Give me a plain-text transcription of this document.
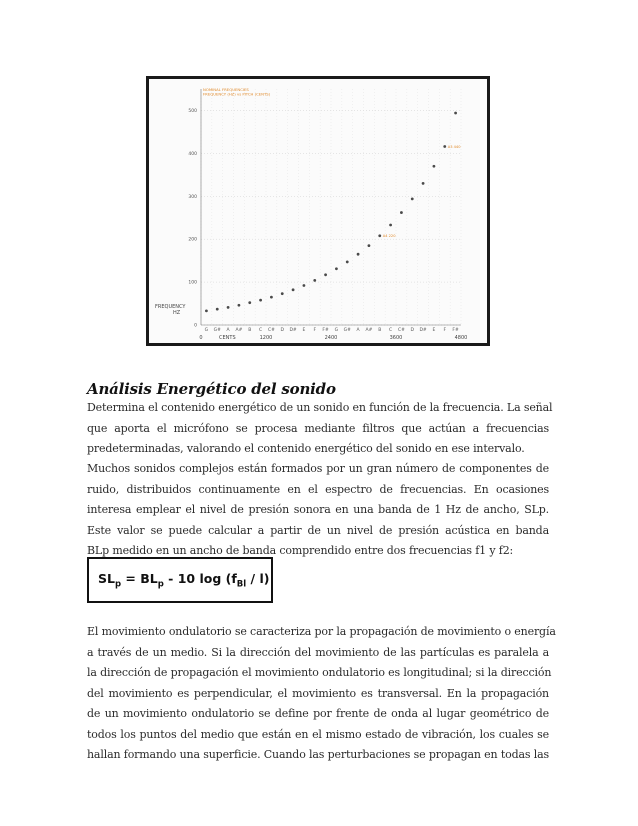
0
100
200
300
400
500
G G# A A# B C C# D D# E F F# G G# A A# B C C# D D# E F F#
0	1200	2400	3600	4800
CENTS
FREQUENCY
HZ
NOMINAL FREQUENCIES
FREQUENCY (HZ) vs PITCH (CENTS)
A4 220
A3 440
Análisis Energético del sonido
Determina el contenido energético de un sonido en función de la frecuencia. La señal
que aporta el micrófono se procesa mediante filtros que actúan a frecuencias
predeterminadas, valorando el contenido energético del sonido en ese intervalo.
Muchos sonidos complejos están formados por un gran número de componentes de
ruido, distribuidos continuamente en el espectro de frecuencias. En ocasiones
interesa emplear el nivel de presión sonora en una banda de 1 Hz de ancho, SLp.
Este valor se puede calcular a partir de un nivel de presión acústica en banda
BLp medido en un ancho de banda comprendido entre dos frecuencias f1 y f2:
$SL_p = BL_p - 10$ $\log (f_{Bl} / l)$
El movimiento ondulatorio se caracteriza por la propagación de movimiento o energía
a través de un medio. Si la dirección del movimiento de las partículas es paralela a
la dirección de propagación el movimiento ondulatorio es longitudinal; si la dirección
del movimiento es perpendicular, el movimiento es transversal. En la propagación
de un movimiento ondulatorio se define por frente de onda al lugar geométrico de
todos los puntos del medio que están en el mismo estado de vibración, los cuales se
hallan formando una superficie. Cuando las perturbaciones se propagan en todas las
